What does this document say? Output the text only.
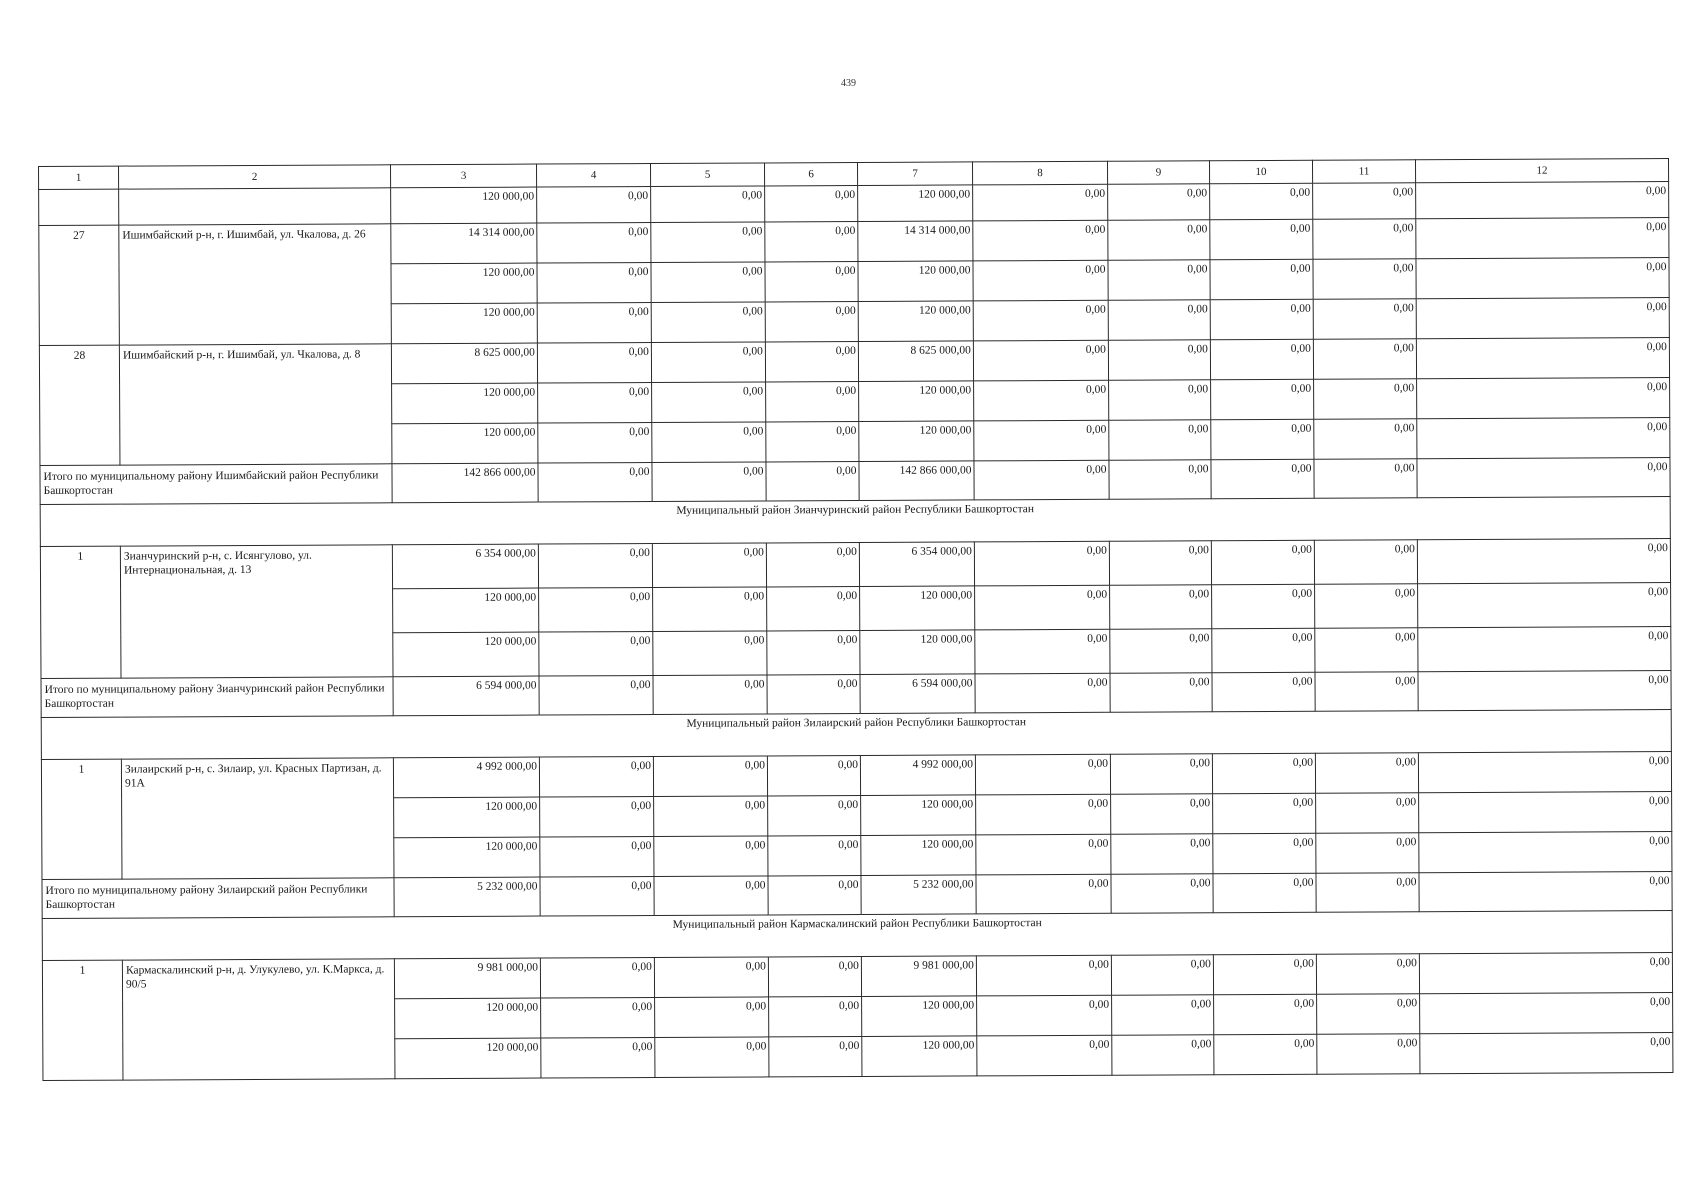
439
1	2	3	4	5	6	7	8	9	10	11	12
		120 000,00	0,00	0,00	0,00	120 000,00	0,00	0,00	0,00	0,00	0,00
27	Ишимбайский р-н, г. Ишимбай, ул. Чкалова, д. 26	14 314 000,00	0,00	0,00	0,00	14 314 000,00	0,00	0,00	0,00	0,00	0,00
		120 000,00	0,00	0,00	0,00	120 000,00	0,00	0,00	0,00	0,00	0,00
		120 000,00	0,00	0,00	0,00	120 000,00	0,00	0,00	0,00	0,00	0,00
28	Ишимбайский р-н, г. Ишимбай, ул. Чкалова, д. 8	8 625 000,00	0,00	0,00	0,00	8 625 000,00	0,00	0,00	0,00	0,00	0,00
		120 000,00	0,00	0,00	0,00	120 000,00	0,00	0,00	0,00	0,00	0,00
		120 000,00	0,00	0,00	0,00	120 000,00	0,00	0,00	0,00	0,00	0,00
Итого по муниципальному району Ишимбайский район Республики Башкортостан		142 866 000,00	0,00	0,00	0,00	142 866 000,00	0,00	0,00	0,00	0,00	0,00
Муниципальный район Зианчуринский район Республики Башкортостан											
1	Зианчуринский р-н, с. Исянгулово, ул. Интернациональная, д. 13	6 354 000,00	0,00	0,00	0,00	6 354 000,00	0,00	0,00	0,00	0,00	0,00
		120 000,00	0,00	0,00	0,00	120 000,00	0,00	0,00	0,00	0,00	0,00
		120 000,00	0,00	0,00	0,00	120 000,00	0,00	0,00	0,00	0,00	0,00
Итого по муниципальному району Зианчуринский район Республики Башкортостан		6 594 000,00	0,00	0,00	0,00	6 594 000,00	0,00	0,00	0,00	0,00	0,00
Муниципальный район Зилаирский район Республики Башкортостан											
1	Зилаирский р-н, с. Зилаир, ул. Красных Партизан, д. 91А	4 992 000,00	0,00	0,00	0,00	4 992 000,00	0,00	0,00	0,00	0,00	0,00
		120 000,00	0,00	0,00	0,00	120 000,00	0,00	0,00	0,00	0,00	0,00
		120 000,00	0,00	0,00	0,00	120 000,00	0,00	0,00	0,00	0,00	0,00
Итого по муниципальному району Зилаирский район Республики Башкортостан		5 232 000,00	0,00	0,00	0,00	5 232 000,00	0,00	0,00	0,00	0,00	0,00
Муниципальный район Кармаскалинский район Республики Башкортостан											
1	Кармаскалинский р-н, д. Улукулево, ул. К.Маркса, д. 90/5	9 981 000,00	0,00	0,00	0,00	9 981 000,00	0,00	0,00	0,00	0,00	0,00
		120 000,00	0,00	0,00	0,00	120 000,00	0,00	0,00	0,00	0,00	0,00
		120 000,00	0,00	0,00	0,00	120 000,00	0,00	0,00	0,00	0,00	0,00
